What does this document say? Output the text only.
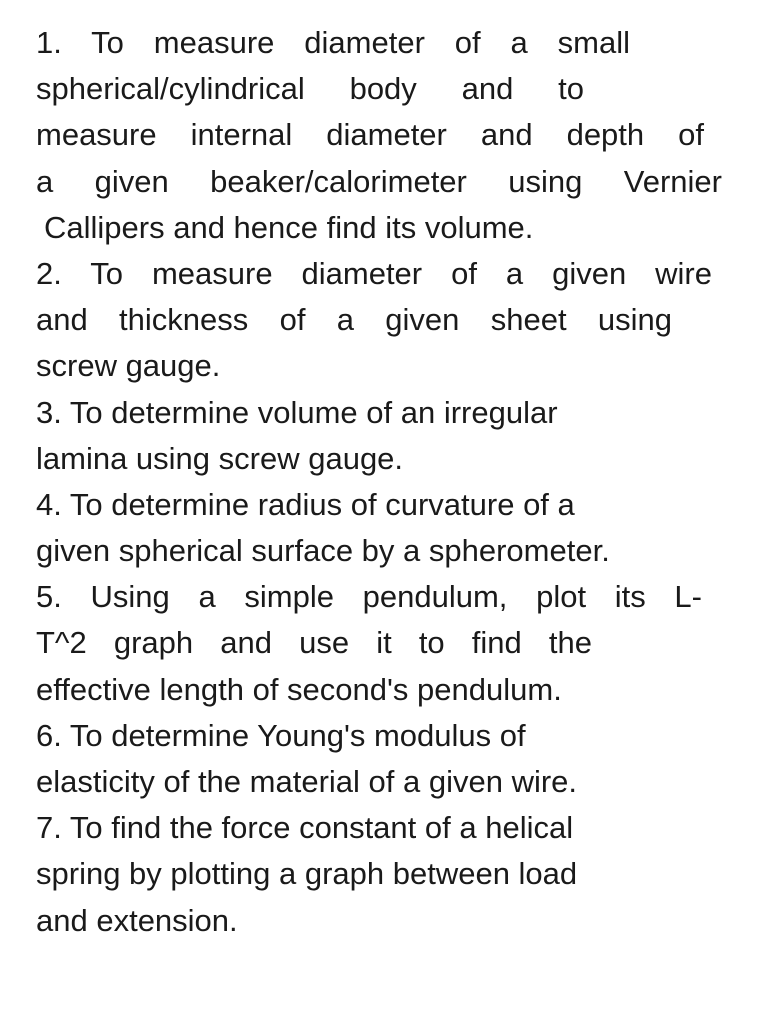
1. To measure diameter of a small

spherical/cylindrical body and to

measure internal diameter and depth of

a given beaker/calorimeter using Vernier

Callipers and hence find its volume.

2. To measure diameter of a given wire

and thickness of a given sheet using

screw gauge.

3. To determine volume of an irregular

lamina using screw gauge.

4. To determine radius of curvature of a

given spherical surface by a spherometer.

5. Using a simple pendulum, plot its L-

T^2 graph and use it to find the

effective length of second's pendulum.

6. To determine Young's modulus of

elasticity of the material of a given wire.

7. To find the force constant of a helical

spring by plotting a graph between load

and extension.
